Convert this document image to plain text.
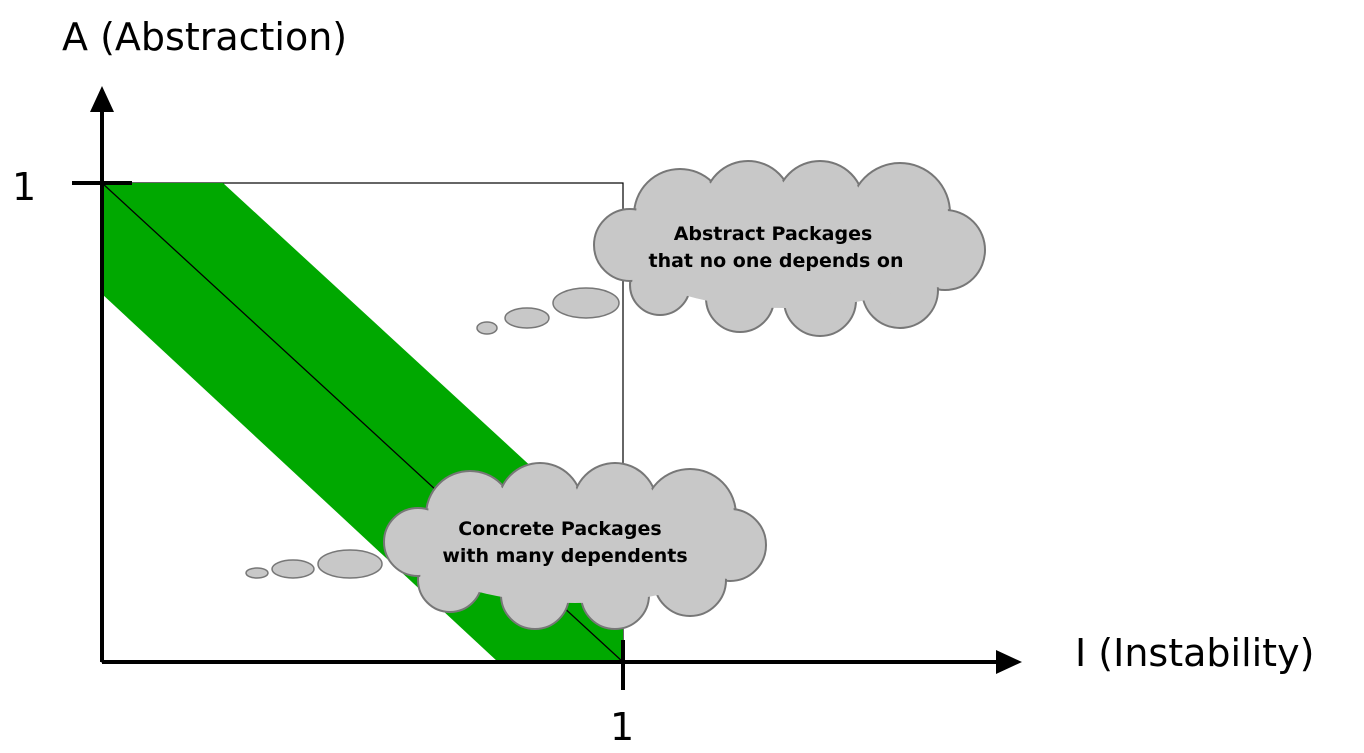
A (Abstraction)
I (Instability)
1
1
Abstract Packages
that no one depends on
Concrete Packages
with many dependents
